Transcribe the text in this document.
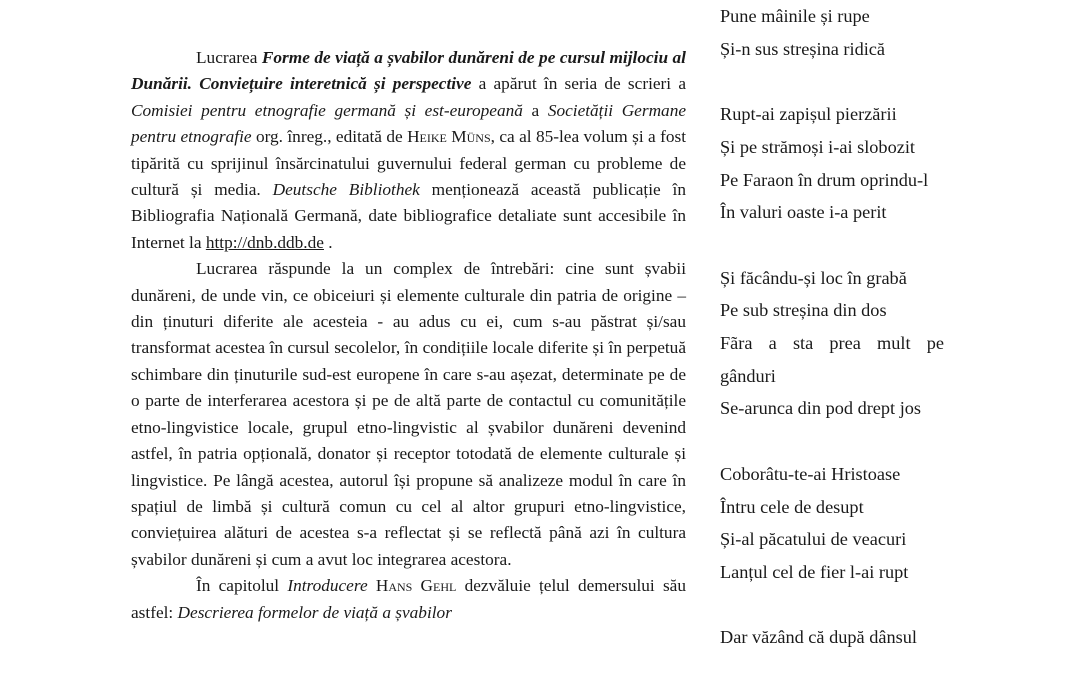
Lucrarea Forme de viață a șvabilor dunăreni de pe cursul mijlociu al Dunării. Conviețuire interetnică și perspective a apărut în seria de scrieri a Comisiei pentru etnografie germană și est-europeană a Societății Germane pentru etnografie org. înreg., editată de Heike Müns, ca al 85-lea volum și a fost tipărită cu sprijinul însărcinatului guvernului federal german cu probleme de cultură și media. Deutsche Bibliothek menționează această publicație în Bibliografia Națională Germană, date bibliografice detaliate sunt accesibile în Internet la http://dnb.ddb.de .

Lucrarea răspunde la un complex de întrebări: cine sunt șvabii dunăreni, de unde vin, ce obiceiuri și elemente culturale din patria de origine – din ținuturi diferite ale acesteia - au adus cu ei, cum s-au păstrat și/sau transformat acestea în cursul secolelor, în condițiile locale diferite și în perpetuă schimbare din ținuturile sud-est europene în care s-au așezat, determinate pe de o parte de interferarea acestora și pe de altă parte de contactul cu comunitățile etno-lingvistice locale, grupul etno-lingvistic al șvabilor dunăreni devenind astfel, în patria opțională, donator și receptor totodată de elemente culturale și lingvistice. Pe lângă acestea, autorul își propune să analizeze modul în care în spațiul de limbă și cultură comun cu cel al altor grupuri etno-lingvistice, conviețuirea alături de acestea s-a reflectat și se reflectă până azi în cultura șvabilor dunăreni și cum a avut loc integrarea acestora.

În capitolul Introducere Hans Gehl dezvăluie țelul demersului său astfel: Descrierea formelor de viață a șvabilor

Pune mâinile și rupe
Și-n sus streșina ridică
Rupt-ai zapișul pierzării
Și pe strămoși i-ai slobozit
Pe Faraon în drum oprindu-l
În valuri oaste i-a perit
Și făcându-și loc în grabă
Pe sub streșina din dos
Fãra a sta prea mult pe gânduri
Se-arunca din pod drept jos
Coborâtu-te-ai Hristoase
Întru cele de desupt
Și-al păcatului de veacuri
Lanțul cel de fier l-ai rupt
Dar văzând că după dânsul
